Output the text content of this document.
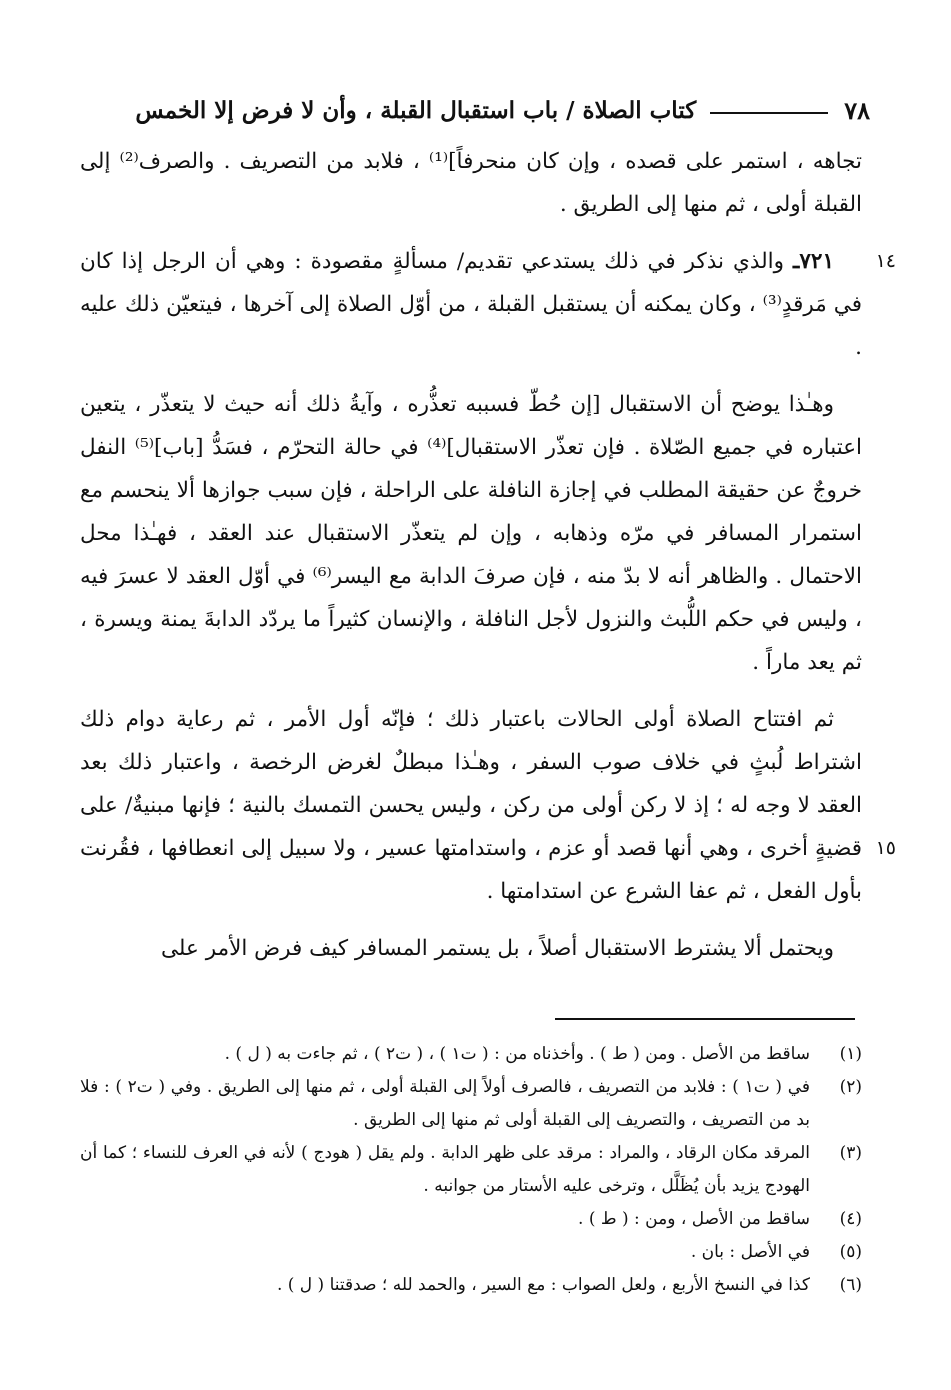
٧٨
كتاب الصلاة / باب استقبال القبلة ، وأن لا فرض إلا الخمس

تجاهه ، استمر على قصده ، وإن كان منحرفاً]⁽¹⁾ ، فلابد من التصريف . والصرف⁽²⁾ إلى القبلة أولى ، ثم منها إلى الطريق .

١٤
٧٢١ـ والذي نذكر في ذلك يستدعي تقديم/ مسألةٍ مقصودة : وهي أن الرجل إذا كان في مَرقدٍ⁽³⁾ ، وكان يمكنه أن يستقبل القبلة ، من أوّل الصلاة إلى آخرها ، فيتعيّن ذلك عليه .

وهـٰذا يوضح أن الاستقبال [إن حُطّ فسببه تعذُّره ، وآيةُ ذلك أنه حيث لا يتعذّر ، يتعين اعتباره في جميع الصّلاة . فإن تعذّر الاستقبال]⁽⁴⁾ في حالة التحرّم ، فسَدُّ [باب]⁽⁵⁾ النفل خروجٌ عن حقيقة المطلب في إجازة النافلة على الراحلة ، فإن سبب جوازها ألا ينحسم مع استمرار المسافر في مرّه وذهابه ، وإن لم يتعذّر الاستقبال عند العقد ، فهـٰذا محل الاحتمال . والظاهر أنه لا بدّ منه ، فإن صرفَ الدابة مع اليسر⁽⁶⁾ في أوّل العقد لا عسرَ فيه ، وليس في حكم اللُّبث والنزول لأجل النافلة ، والإنسان كثيراً ما يردّد الدابةَ يمنة ويسرة ، ثم يعد ماراً .

١٥
ثم افتتاح الصلاة أولى الحالات باعتبار ذلك ؛ فإنّه أول الأمر ، ثم رعاية دوام ذلك اشتراط لُبثٍ في خلاف صوب السفر ، وهـٰذا مبطلٌ لغرض الرخصة ، واعتبار ذلك بعد العقد لا وجه له ؛ إذ لا ركن أولى من ركن ، وليس يحسن التمسك بالنية ؛ فإنها مبنيةٌ/ على قضيةٍ أخرى ، وهي أنها قصد أو عزم ، واستدامتها عسير ، ولا سبيل إلى انعطافها ، فقُرنت بأول الفعل ، ثم عفا الشرع عن استدامتها .

ويحتمل ألا يشترط الاستقبال أصلاً ، بل يستمر المسافر كيف فرض الأمر على

(١)
ساقط من الأصل . ومن ( ط ) . وأخذناه من : ( ت١ ) ، ( ت٢ ) ، ثم جاءت به ( ل ) .
(٢)
في ( ت١ ) : فلابد من التصريف ، فالصرف أولاً إلى القبلة أولى ، ثم منها إلى الطريق . وفي ( ت٢ ) : فلا بد من التصريف ، والتصريف إلى القبلة أولى ثم منها إلى الطريق .
(٣)
المرقد مكان الرقاد ، والمراد : مرقد على ظهر الدابة . ولم يقل ( هودج ) لأنه في العرف للنساء ؛ كما أن الهودج يزيد بأن يُظَلَّل ، وترخى عليه الأستار من جوانبه .
(٤)
ساقط من الأصل ، ومن : ( ط ) .
(٥)
في الأصل : بان .
(٦)
كذا في النسخ الأربع ، ولعل الصواب : مع السير ، والحمد لله ؛ صدقتنا ( ل ) .
